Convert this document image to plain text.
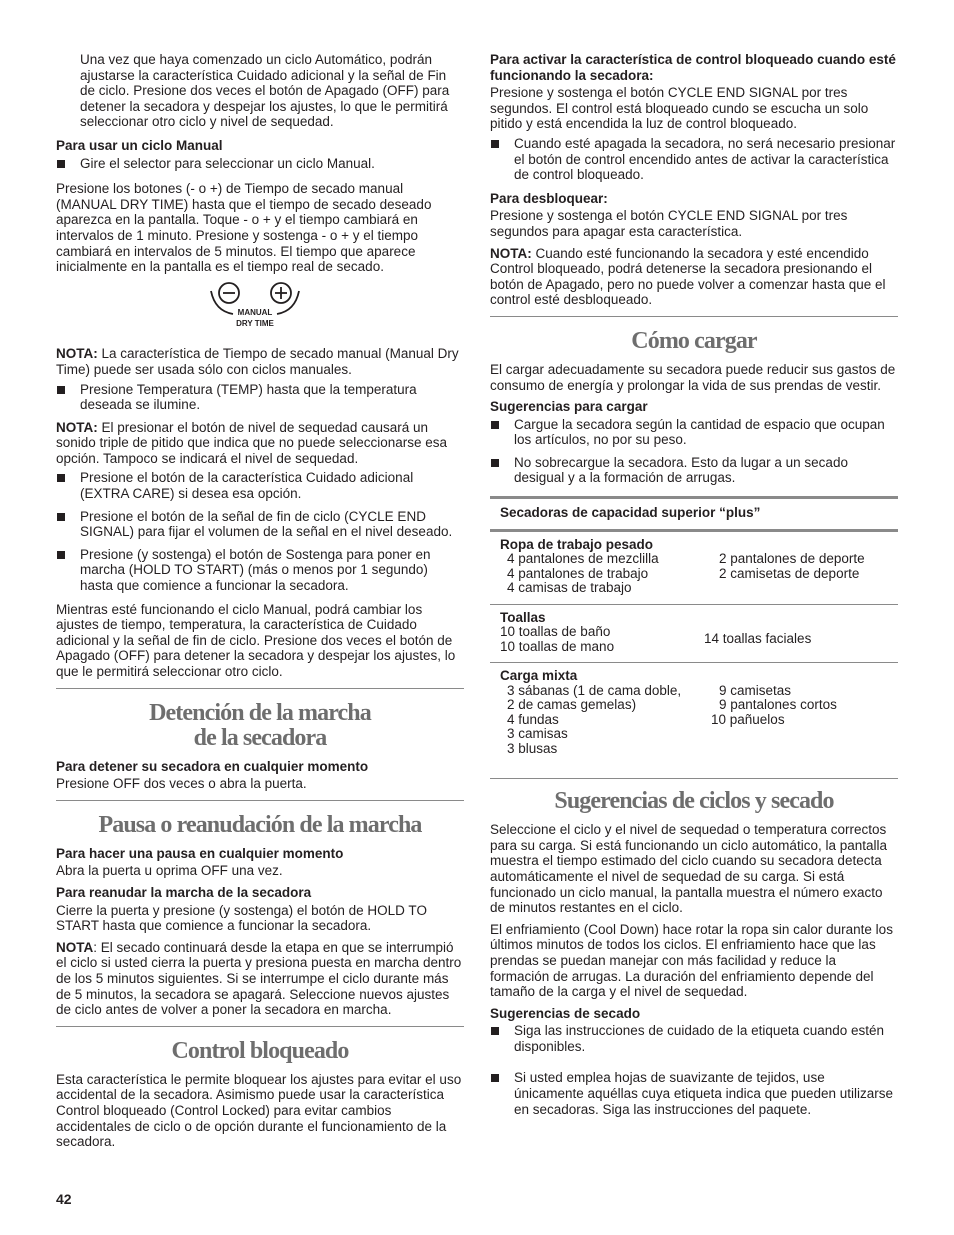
Una vez que haya comenzado un ciclo Automático, podrán ajustarse la característica Cuidado adicional y la señal de Fin de ciclo. Presione dos veces el botón de Apagado (OFF) para detener la secadora y despejar los ajustes, lo que le permitirá seleccionar otro ciclo y nivel de sequedad.

Para usar un ciclo Manual

Gire el selector para seleccionar un ciclo Manual.

Presione los botones (- o +) de Tiempo de secado manual (MANUAL DRY TIME) hasta que el tiempo de secado deseado aparezca en la pantalla. Toque - o + y el tiempo cambiará en intervalos de 1 minuto. Presione y sostenga - o + y el tiempo cambiará en intervalos de 5 minutos. El tiempo que aparece inicialmente en la pantalla es el tiempo real de secado.

MANUAL
DRY TIME

NOTA: La característica de Tiempo de secado manual (Manual Dry Time) puede ser usada sólo con ciclos manuales.

Presione Temperatura (TEMP) hasta que la temperatura deseada se ilumine.

NOTA: El presionar el botón de nivel de sequedad causará un sonido triple de pitido que indica que no puede seleccionarse esa opción. Tampoco se indicará el nivel de sequedad.

Presione el botón de la característica Cuidado adicional (EXTRA CARE) si desea esa opción.
Presione el botón de la señal de fin de ciclo (CYCLE END SIGNAL) para fijar el volumen de la señal en el nivel deseado.
Presione (y sostenga) el botón de Sostenga para poner en marcha (HOLD TO START) (más o menos por 1 segundo) hasta que comience a funcionar la secadora.

Mientras esté funcionando el ciclo Manual, podrá cambiar los ajustes de tiempo, temperatura, la característica de Cuidado adicional y la señal de fin de ciclo. Presione dos veces el botón de Apagado (OFF) para detener la secadora y despejar los ajustes, lo que le permitirá seleccionar otro ciclo.

Detención de la marcha
de la secadora

Para detener su secadora en cualquier momento

Presione OFF dos veces o abra la puerta.

Pausa o reanudación de la marcha

Para hacer una pausa en cualquier momento

Abra la puerta u oprima OFF una vez.

Para reanudar la marcha de la secadora

Cierre la puerta y presione (y sostenga) el botón de HOLD TO START hasta que comience a funcionar la secadora.

NOTA: El secado continuará desde la etapa en que se interrumpió el ciclo si usted cierra la puerta y presiona puesta en marcha dentro de los 5 minutos siguientes. Si se interrumpe el ciclo durante más de 5 minutos, la secadora se apagará. Seleccione nuevos ajustes de ciclo antes de volver a poner la secadora en marcha.

Control bloqueado

Esta característica le permite bloquear los ajustes para evitar el uso accidental de la secadora. Asimismo puede usar la característica Control bloqueado (Control Locked) para evitar cambios accidentales de ciclo o de opción durante el funcionamiento de la secadora.

Para activar la característica de control bloqueado cuando esté funcionando la secadora:

Presione y sostenga el botón CYCLE END SIGNAL por tres segundos. El control está bloqueado cundo se escucha un solo pitido y está encendida la luz de control bloqueado.

Cuando esté apagada la secadora, no será necesario presionar el botón de control encendido antes de activar la característica de control bloqueado.

Para desbloquear:

Presione y sostenga el botón CYCLE END SIGNAL por tres segundos para apagar esta característica.

NOTA: Cuando esté funcionando la secadora y esté encendido Control bloqueado, podrá detenerse la secadora presionando el botón de Apagado, pero no puede volver a comenzar hasta que el control esté desbloqueado.

Cómo cargar

El cargar adecuadamente su secadora puede reducir sus gastos de consumo de energía y prolongar la vida de sus prendas de vestir.

Sugerencias para cargar

Cargue la secadora según la cantidad de espacio que ocupan los artículos, no por su peso.
No sobrecargue la secadora. Esto da lugar a un secado desigual y a la formación de arrugas.
Secadoras de capacidad superior “plus”
Ropa de trabajo pesado
4 pantalones de mezclilla
4 pantalones de trabajo
4 camisas de trabajo
2 pantalones de deporte
2 camisetas de deporte
Toallas
10 toallas de baño
10 toallas de mano	14 toallas faciales
Carga mixta
3 sábanas (1 de cama doble,
2 de camas gemelas)
4 fundas
3 camisas
3 blusas
9 camisetas
9 pantalones cortos
10 pañuelos
Sugerencias de ciclos y secado

Seleccione el ciclo y el nivel de sequedad o temperatura correctos para su carga. Si está funcionando un ciclo automático, la pantalla muestra el tiempo estimado del ciclo cuando su secadora detecta automáticamente el nivel de sequedad de su carga. Si está funcionado un ciclo manual, la pantalla muestra el número exacto de minutos restantes en el ciclo.

El enfriamiento (Cool Down) hace rotar la ropa sin calor durante los últimos minutos de todos los ciclos. El enfriamiento hace que las prendas se puedan manejar con más facilidad y reduce la formación de arrugas. La duración del enfriamiento depende del tamaño de la carga y el nivel de sequedad.

Sugerencias de secado

Siga las instrucciones de cuidado de la etiqueta cuando estén disponibles.
Si usted emplea hojas de suavizante de tejidos, use únicamente aquéllas cuya etiqueta indica que pueden utilizarse en secadoras. Siga las instrucciones del paquete.
42
